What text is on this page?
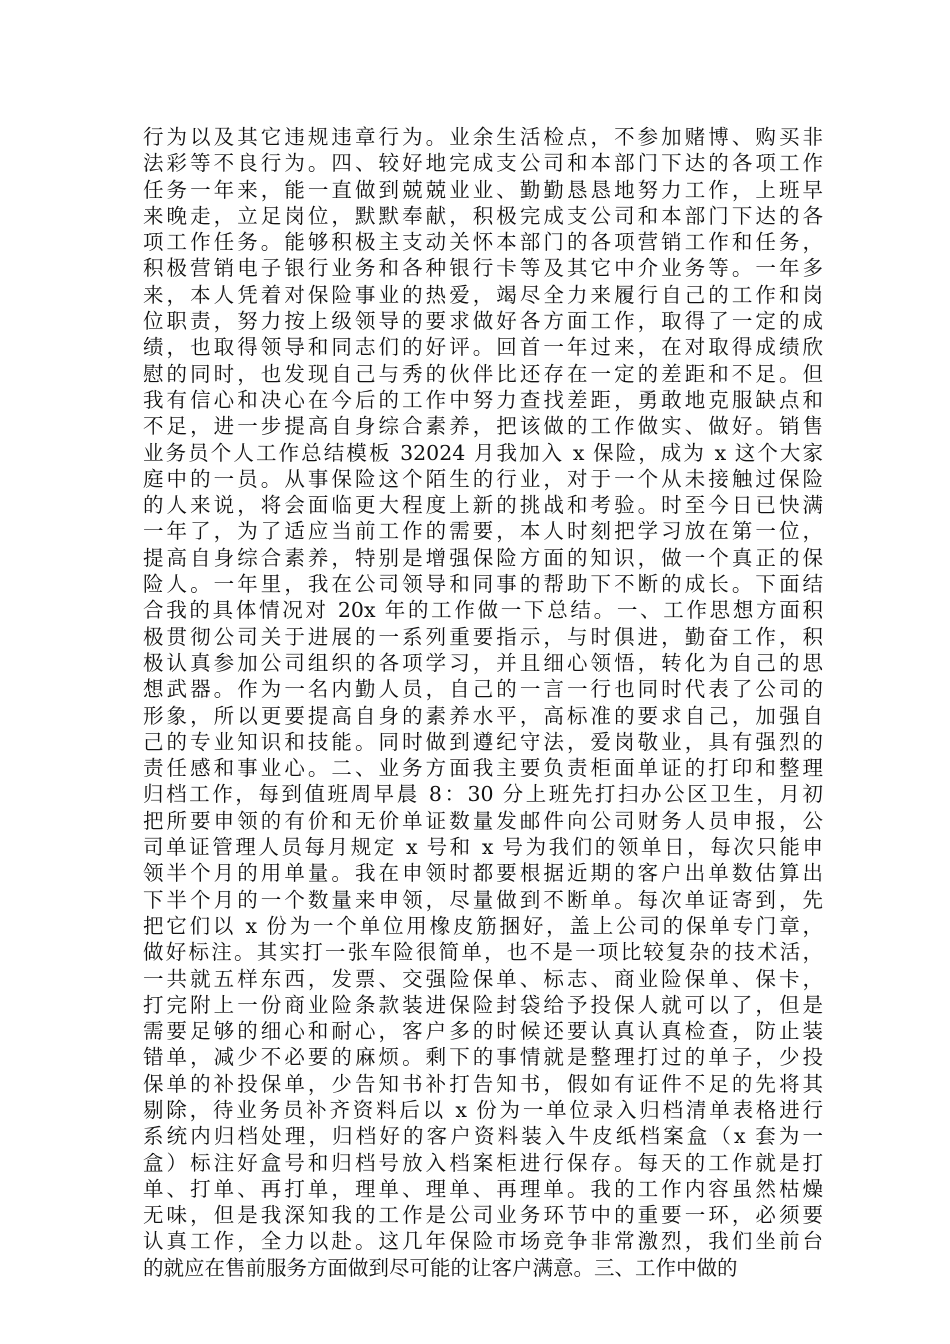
行为以及其它违规违章行为。业余生活检点，不参加赌博、购买非
法彩等不良行为。四、较好地完成支公司和本部门下达的各项工作
任务一年来，能一直做到兢兢业业、勤勤恳恳地努力工作，上班早
来晚走，立足岗位，默默奉献，积极完成支公司和本部门下达的各
项工作任务。能够积极主支动关怀本部门的各项营销工作和任务，
积极营销电子银行业务和各种银行卡等及其它中介业务等。一年多
来，本人凭着对保险事业的热爱，竭尽全力来履行自己的工作和岗
位职责，努力按上级领导的要求做好各方面工作，取得了一定的成
绩，也取得领导和同志们的好评。回首一年过来，在对取得成绩欣
慰的同时，也发现自己与秀的伙伴比还存在一定的差距和不足。但
我有信心和决心在今后的工作中努力查找差距，勇敢地克服缺点和
不足，进一步提高自身综合素养，把该做的工作做实、做好。销售
业务员个人工作总结模板 32024 月我加入 x 保险，成为 x 这个大家
庭中的一员。从事保险这个陌生的行业，对于一个从未接触过保险
的人来说，将会面临更大程度上新的挑战和考验。时至今日已快满
一年了，为了适应当前工作的需要，本人时刻把学习放在第一位，
提高自身综合素养，特别是增强保险方面的知识，做一个真正的保
险人。一年里，我在公司领导和同事的帮助下不断的成长。下面结
合我的具体情况对 20x 年的工作做一下总结。一、工作思想方面积
极贯彻公司关于进展的一系列重要指示，与时俱进，勤奋工作，积
极认真参加公司组织的各项学习，并且细心领悟，转化为自己的思
想武器。作为一名内勤人员，自己的一言一行也同时代表了公司的
形象，所以更要提高自身的素养水平，高标准的要求自己，加强自
己的专业知识和技能。同时做到遵纪守法，爱岗敬业，具有强烈的
责任感和事业心。二、业务方面我主要负责柜面单证的打印和整理
归档工作，每到值班周早晨 8：30 分上班先打扫办公区卫生，月初
把所要申领的有价和无价单证数量发邮件向公司财务人员申报，公
司单证管理人员每月规定 x 号和 x 号为我们的领单日，每次只能申
领半个月的用单量。我在申领时都要根据近期的客户出单数估算出
下半个月的一个数量来申领，尽量做到不断单。每次单证寄到，先
把它们以 x 份为一个单位用橡皮筋捆好，盖上公司的保单专门章，
做好标注。其实打一张车险很简单，也不是一项比较复杂的技术活，
一共就五样东西，发票、交强险保单、标志、商业险保单、保卡，
打完附上一份商业险条款装进保险封袋给予投保人就可以了，但是
需要足够的细心和耐心，客户多的时候还要认真认真检查，防止装
错单，减少不必要的麻烦。剩下的事情就是整理打过的单子，少投
保单的补投保单，少告知书补打告知书，假如有证件不足的先将其
剔除，待业务员补齐资料后以 x 份为一单位录入归档清单表格进行
系统内归档处理，归档好的客户资料装入牛皮纸档案盒（x 套为一
盒）标注好盒号和归档号放入档案柜进行保存。每天的工作就是打
单、打单、再打单，理单、理单、再理单。我的工作内容虽然枯燥
无味，但是我深知我的工作是公司业务环节中的重要一环，必须要
认真工作，全力以赴。这几年保险市场竞争非常激烈，我们坐前台
的就应在售前服务方面做到尽可能的让客户满意。三、工作中做的
